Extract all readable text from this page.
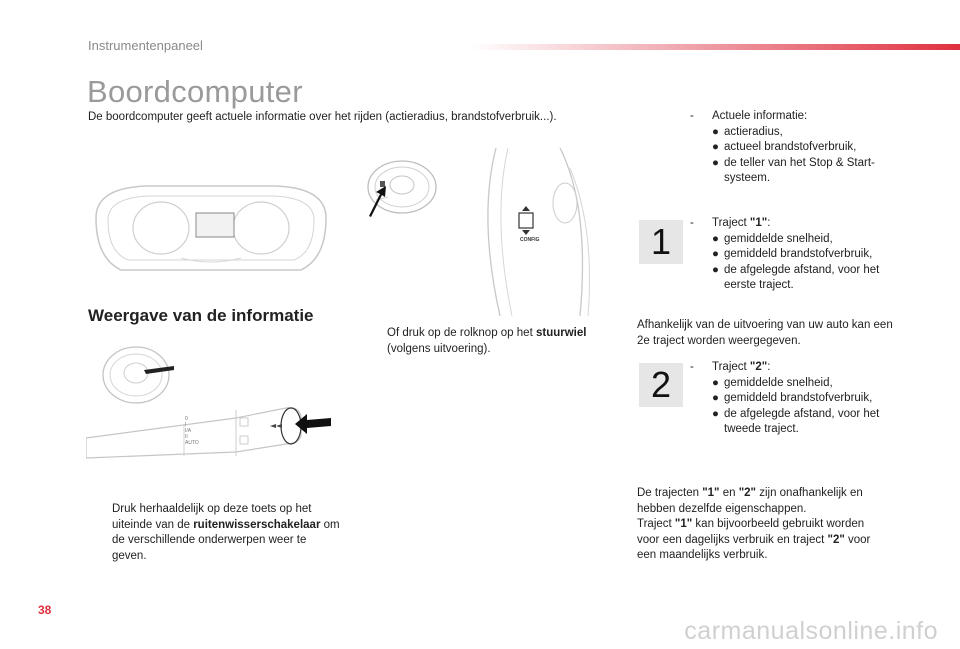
Instrumentenpaneel
Boordcomputer
De boordcomputer geeft actuele informatie over het rijden (actieradius, brandstofverbruik...).
CONFIG
Weergave van de informatie
0
I
I/A
II
AUTO
Of druk op de rolknop op het stuurwiel (volgens uitvoering).
Druk herhaaldelijk op deze toets op het uiteinde van de ruitenwisserschakelaar om de verschillende onderwerpen weer te geven.
-	Actuele informatie:
● actieradius,
● actueel brandstofverbruik,
● de teller van het Stop & Start-systeem.
1 -	Traject "1":
● gemiddelde snelheid,
● gemiddeld brandstofverbruik,
● de afgelegde afstand, voor het eerste traject.
Afhankelijk van de uitvoering van uw auto kan een 2e traject worden weergegeven.
2 -	Traject "2":
● gemiddelde snelheid,
● gemiddeld brandstofverbruik,
● de afgelegde afstand, voor het tweede traject.
De trajecten "1" en "2" zijn onafhankelijk en hebben dezelfde eigenschappen.
Traject "1" kan bijvoorbeeld gebruikt worden voor een dagelijks verbruik en traject "2" voor een maandelijks verbruik.
38
carmanualsonline.info
